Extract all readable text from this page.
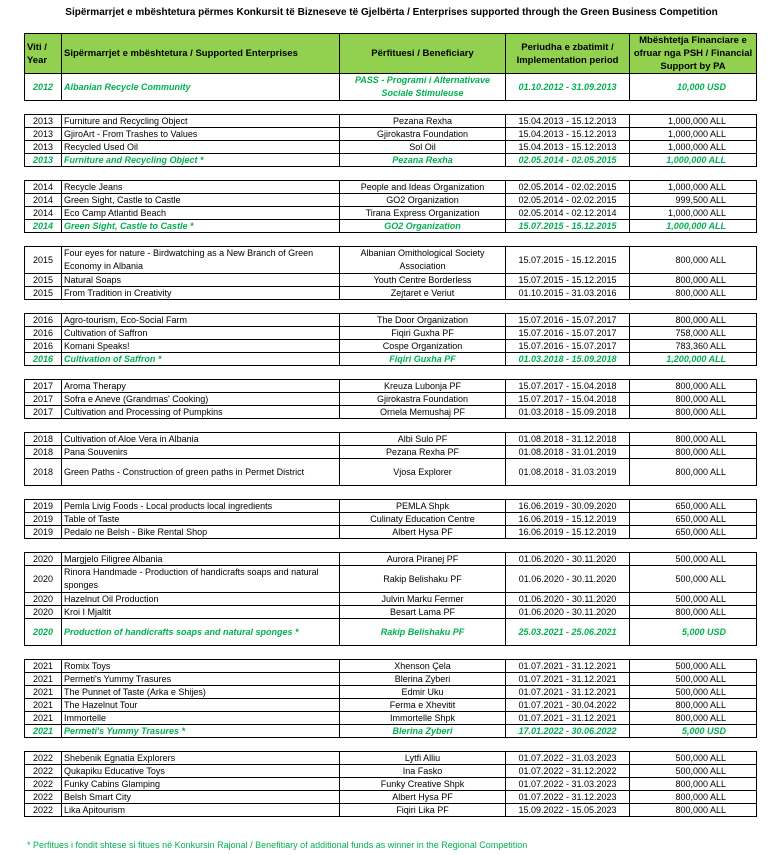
Sipërmarrjet e mbështetura përmes Konkursit të Bizneseve të Gjelbërta / Enterprises supported through the Green Business Competition
Viti / Year	Sipërmarrjet e mbështetura / Supported Enterprises	Përfituesi / Beneficiary	Periudha e zbatimit / Implementation period	Mbështetja Financiare e ofruar nga PSH / Financial Support by PA
2012	Albanian Recycle Community	PASS - Programi i Alternativave Sociale Stimuleuse	01.10.2012 - 31.09.2013	10,000 USD

2013	Furniture and Recycling Object	Pezana Rexha	15.04.2013 - 15.12.2013	1,000,000 ALL
2013	GjiroArt - From Trashes to Values	Gjirokastra Foundation	15.04.2013 - 15.12.2013	1,000,000 ALL
2013	Recycled Used Oil	Sol Oil	15.04.2013 - 15.12.2013	1,000,000 ALL
2013	Furniture and Recycling Object *	Pezana Rexha	02.05.2014 - 02.05.2015	1,000,000 ALL

2014	Recycle Jeans	People and Ideas Organization	02.05.2014 - 02.02.2015	1,000,000 ALL
2014	Green Sight, Castle to Castle	GO2 Organization	02.05.2014 - 02.02.2015	999,500 ALL
2014	Eco Camp Atlantid Beach	Tirana Express Organization	02.05.2014 - 02.12.2014	1,000,000 ALL
2014	Green Sight, Castle to Castle *	GO2 Organization	15.07.2015 - 15.12.2015	1,000,000 ALL

2015	Four eyes for nature - Birdwatching as a New Branch of Green Economy in Albania	Albanian Omithological Society Association	15.07.2015 - 15.12.2015	800,000 ALL
2015	Natural Soaps	Youth Centre Borderless	15.07.2015 - 15.12.2015	800,000 ALL
2015	From Tradition in Creativity	Zejtaret e Veriut	01.10.2015 - 31.03.2016	800,000 ALL

2016	Agro-tourism, Eco-Social Farm	The Door Organization	15.07.2016 - 15.07.2017	800,000 ALL
2016	Cultivation of Saffron	Fiqiri Guxha PF	15.07.2016 - 15.07.2017	758,000 ALL
2016	Komani Speaks!	Cospe Organization	15.07.2016 - 15.07.2017	783,360 ALL
2016	Cultivation of Saffron *	Fiqiri Guxha PF	01.03.2018 - 15.09.2018	1,200,000 ALL

2017	Aroma Therapy	Kreuza Lubonja PF	15.07.2017 - 15.04.2018	800,000 ALL
2017	Sofra e Aneve (Grandmas' Cooking)	Gjirokastra Foundation	15.07.2017 - 15.04.2018	800,000 ALL
2017	Cultivation and Processing of Pumpkins	Ornela Memushaj PF	01.03.2018 - 15.09.2018	800,000 ALL

2018	Cultivation of Aloe Vera in Albania	Albi Sulo PF	01.08.2018 - 31.12.2018	800,000 ALL
2018	Pana Souvenirs	Pezana Rexha PF	01.08.2018 - 31.01.2019	800,000 ALL
2018	Green Paths - Construction of green paths in Permet District	Vjosa Explorer	01.08.2018 - 31.03.2019	800,000 ALL

2019	Pemla Livig Foods - Local products local ingredients	PEMLA Shpk	16.06.2019 - 30.09.2020	650,000 ALL
2019	Table of Taste	Culinaty Education Centre	16.06.2019 - 15.12.2019	650,000 ALL
2019	Pedalo ne Belsh - Bike Rental Shop	Albert Hysa PF	16.06.2019 - 15.12.2019	650,000 ALL

2020	Margjelo Filigree Albania	Aurora Piranej PF	01.06.2020 - 30.11.2020	500,000 ALL
2020	Rinora Handmade - Production of handicrafts soaps and natural sponges	Rakip Belishaku PF	01.06.2020 - 30.11.2020	500,000 ALL
2020	Hazelnut Oil Production	Julvin Marku Fermer	01.06.2020 - 30.11.2020	500,000 ALL
2020	Kroi I Mjaltit	Besart Lama PF	01.06.2020 - 30.11.2020	800,000 ALL
2020	Production of handicrafts soaps and natural sponges *	Rakip Belishaku PF	25.03.2021 - 25.06.2021	5,000 USD

2021	Romix Toys	Xhenson Çela	01.07.2021 - 31.12.2021	500,000 ALL
2021	Permeti's Yummy Trasures	Blerina Zyberi	01.07.2021 - 31.12.2021	500,000 ALL
2021	The Punnet of Taste (Arka e Shijes)	Edmir Uku	01.07.2021 - 31.12.2021	500,000 ALL
2021	The Hazelnut Tour	Ferma e Xhevitit	01.07.2021 - 30.04.2022	800,000 ALL
2021	Immortelle	Immortelle Shpk	01.07.2021 - 31.12.2021	800,000 ALL
2021	Permeti's Yummy Trasures *	Blerina Zyberi	17.01.2022 - 30.06.2022	5,000 USD

2022	Shebenik Egnatia Explorers	Lytfi Alliu	01.07.2022 - 31.03.2023	500,000 ALL
2022	Qukapiku Educative Toys	Ina Fasko	01.07.2022 - 31.12.2022	500,000 ALL
2022	Funky Cabins Glamping	Funky Creative Shpk	01.07.2022 - 31.03.2023	800,000 ALL
2022	Belsh Smart City	Albert Hysa PF	01.07.2022 - 31.12.2023	800,000 ALL
2022	Lika Apitourism	Fiqiri Lika PF	15.09.2022 - 15.05.2023	800,000 ALL
* Perfitues i fondit shtese si fitues në Konkursin Rajonal / Benefitiary of additional funds as winner in the Regional Competition
